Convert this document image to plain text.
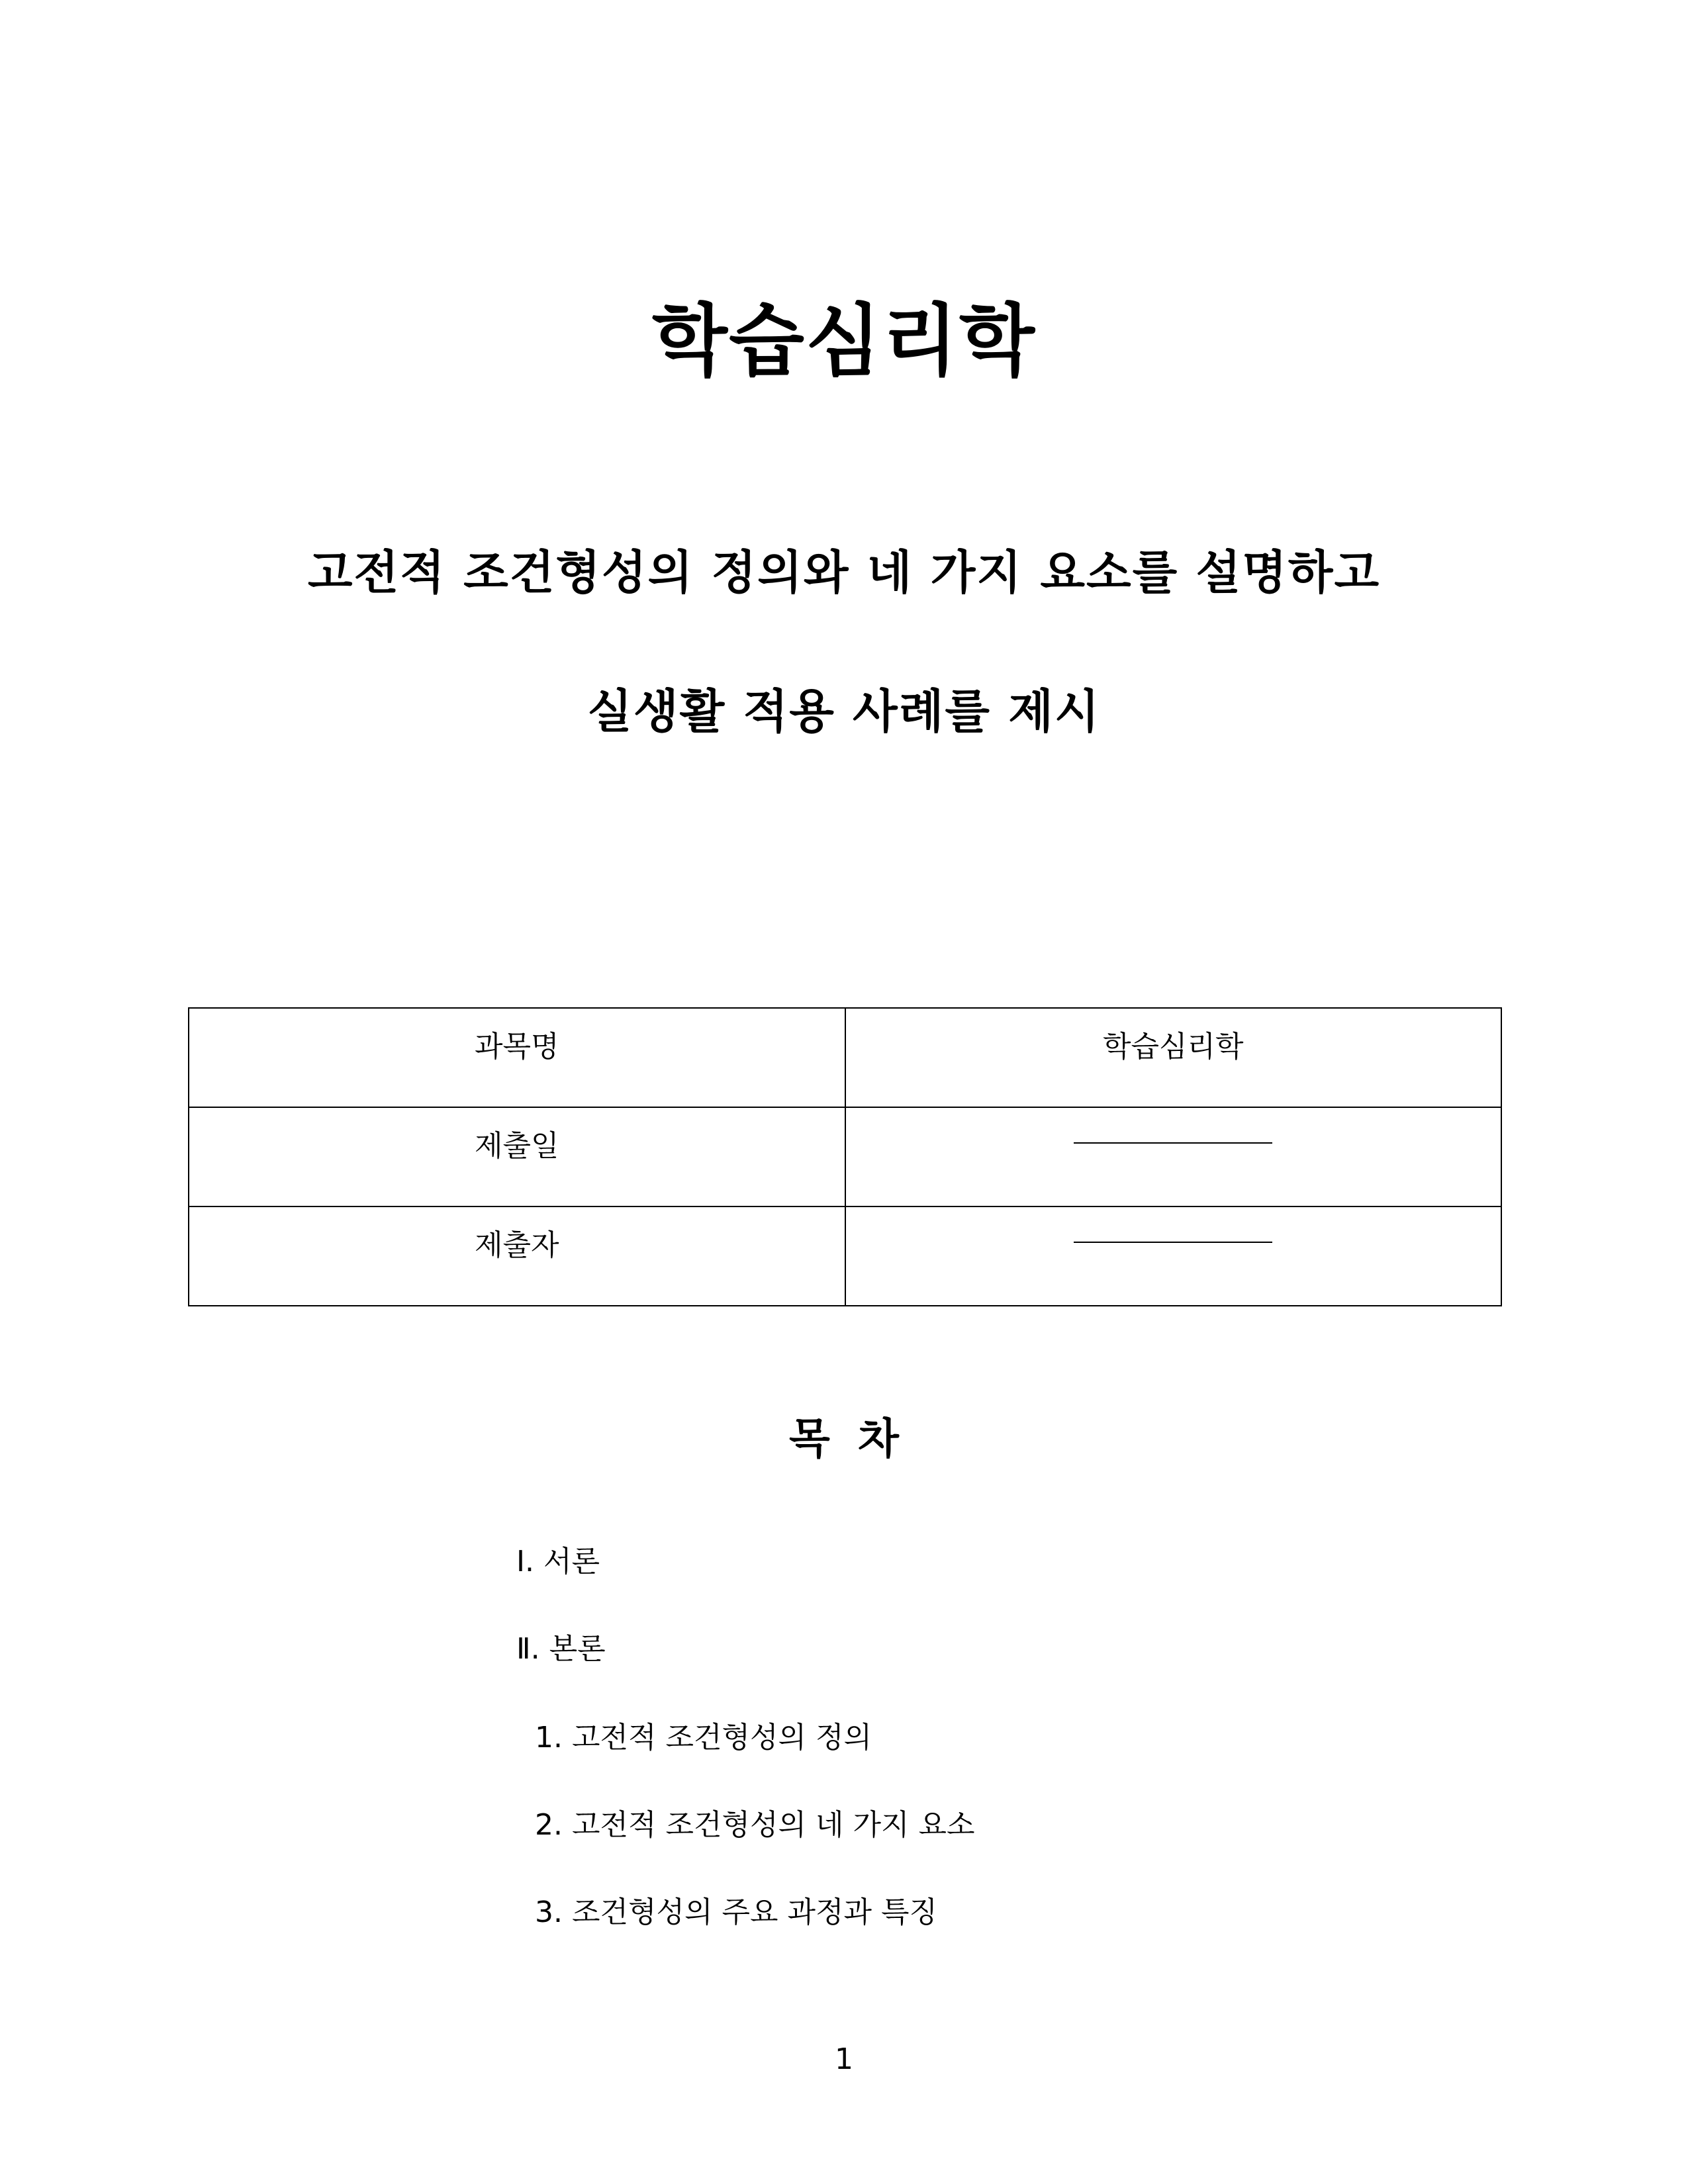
학습심리학
고전적 조건형성의 정의와 네 가지 요소를 설명하고
실생활 적용 사례를 제시
과목명	학습심리학

제출일	

제출자	

목 차
Ⅰ. 서론
Ⅱ. 본론
1. 고전적 조건형성의 정의
2. 고전적 조건형성의 네 가지 요소
3. 조건형성의 주요 과정과 특징
1
